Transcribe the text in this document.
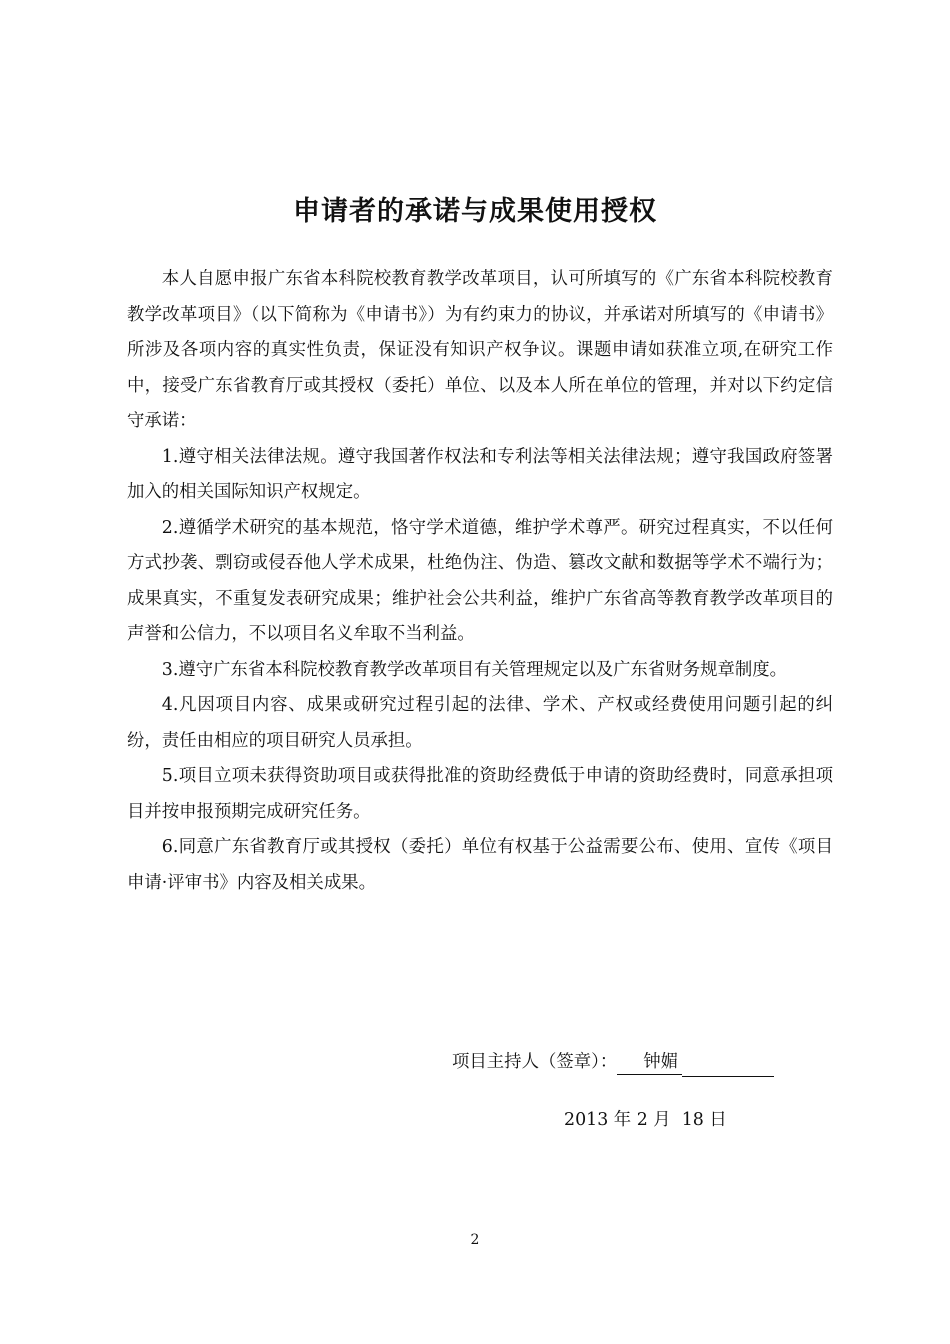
申请者的承诺与成果使用授权

本人自愿申报广东省本科院校教育教学改革项目，认可所填写的《广东省本科院校教育教学改革项目》（以下简称为《申请书》）为有约束力的协议，并承诺对所填写的《申请书》所涉及各项内容的真实性负责，保证没有知识产权争议。课题申请如获准立项,在研究工作中，接受广东省教育厅或其授权（委托）单位、以及本人所在单位的管理，并对以下约定信守承诺：

1.遵守相关法律法规。遵守我国著作权法和专利法等相关法律法规；遵守我国政府签署加入的相关国际知识产权规定。

2.遵循学术研究的基本规范，恪守学术道德，维护学术尊严。研究过程真实，不以任何方式抄袭、剽窃或侵吞他人学术成果，杜绝伪注、伪造、篡改文献和数据等学术不端行为；成果真实，不重复发表研究成果；维护社会公共利益，维护广东省高等教育教学改革项目的声誉和公信力，不以项目名义牟取不当利益。

3.遵守广东省本科院校教育教学改革项目有关管理规定以及广东省财务规章制度。

4.凡因项目内容、成果或研究过程引起的法律、学术、产权或经费使用问题引起的纠纷，责任由相应的项目研究人员承担。

5.项目立项未获得资助项目或获得批准的资助经费低于申请的资助经费时，同意承担项目并按申报预期完成研究任务。

6.同意广东省教育厅或其授权（委托）单位有权基于公益需要公布、使用、宣传《项目申请·评审书》内容及相关成果。

项目主持人（签章）： 钟媚
2013 年 2 月  18 日
2
